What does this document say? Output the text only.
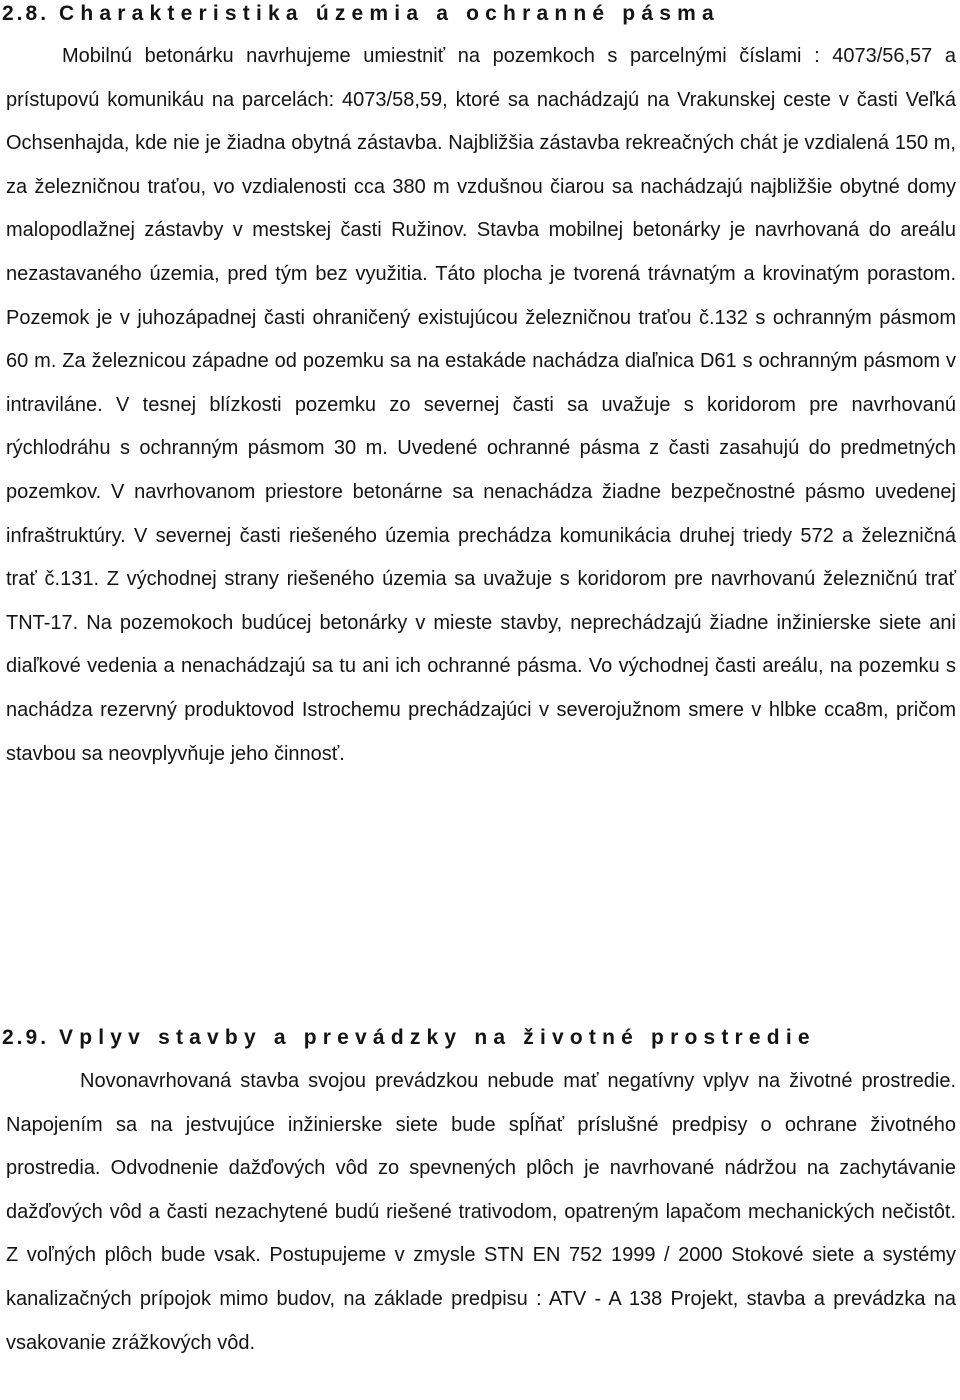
2.8. Charakteristika územia a ochranné pásma

Mobilnú betonárku navrhujeme umiestniť na pozemkoch s parcelnými číslami : 4073/56,57 a prístupovú komunikáu na parcelách: 4073/58,59, ktoré sa nachádzajú na Vrakunskej ceste v časti Veľká Ochsenhajda, kde nie je žiadna obytná zástavba. Najbližšia zástavba rekreačných chát je vzdialená 150 m, za železničnou traťou, vo vzdialenosti cca 380 m vzdušnou čiarou sa nachádzajú najbližšie obytné domy malopodlažnej zástavby v mestskej časti Ružinov. Stavba mobilnej betonárky je navrhovaná do areálu nezastavaného územia, pred tým bez využitia. Táto plocha je tvorená trávnatým a krovinatým porastom. Pozemok je v juhozápadnej časti ohraničený existujúcou železničnou traťou č.132 s ochranným pásmom 60 m. Za železnicou západne od pozemku sa na estakáde nachádza diaľnica D61 s ochranným pásmom v intraviláne. V tesnej blízkosti pozemku zo severnej časti sa uvažuje s koridorom pre navrhovanú rýchlodráhu s ochranným pásmom 30 m. Uvedené ochranné pásma z časti zasahujú do predmetných pozemkov. V navrhovanom priestore betonárne sa nenachádza žiadne bezpečnostné pásmo uvedenej infraštruktúry. V severnej časti riešeného územia prechádza komunikácia druhej triedy 572 a železničná trať č.131. Z východnej strany riešeného územia sa uvažuje s koridorom pre navrhovanú železničnú trať TNT-17. Na pozemokoch budúcej betonárky v mieste stavby, neprechádzajú žiadne inžinierske siete ani diaľkové vedenia a nenachádzajú sa tu ani ich ochranné pásma. Vo východnej časti areálu, na pozemku s nachádza rezervný produktovod Istrochemu prechádzajúci v severojužnom smere v hlbke cca8m, pričom stavbou sa neovplyvňuje jeho činnosť.

2.9. Vplyv stavby a prevádzky na životné prostredie

Novonavrhovaná stavba svojou prevádzkou nebude mať negatívny vplyv na životné prostredie. Napojením sa na jestvujúce inžinierske siete bude spĺňať príslušné predpisy o ochrane životného prostredia. Odvodnenie dažďových vôd zo spevnených plôch je navrhované nádržou na zachytávanie dažďových vôd a časti nezachytené budú riešené trativodom, opatreným lapačom mechanických nečistôt. Z voľných plôch bude vsak. Postupujeme v zmysle STN EN 752 1999 / 2000 Stokové siete a systémy kanalizačných prípojok mimo budov, na základe predpisu : ATV - A 138 Projekt, stavba a prevádzka na vsakovanie zrážkových vôd.
